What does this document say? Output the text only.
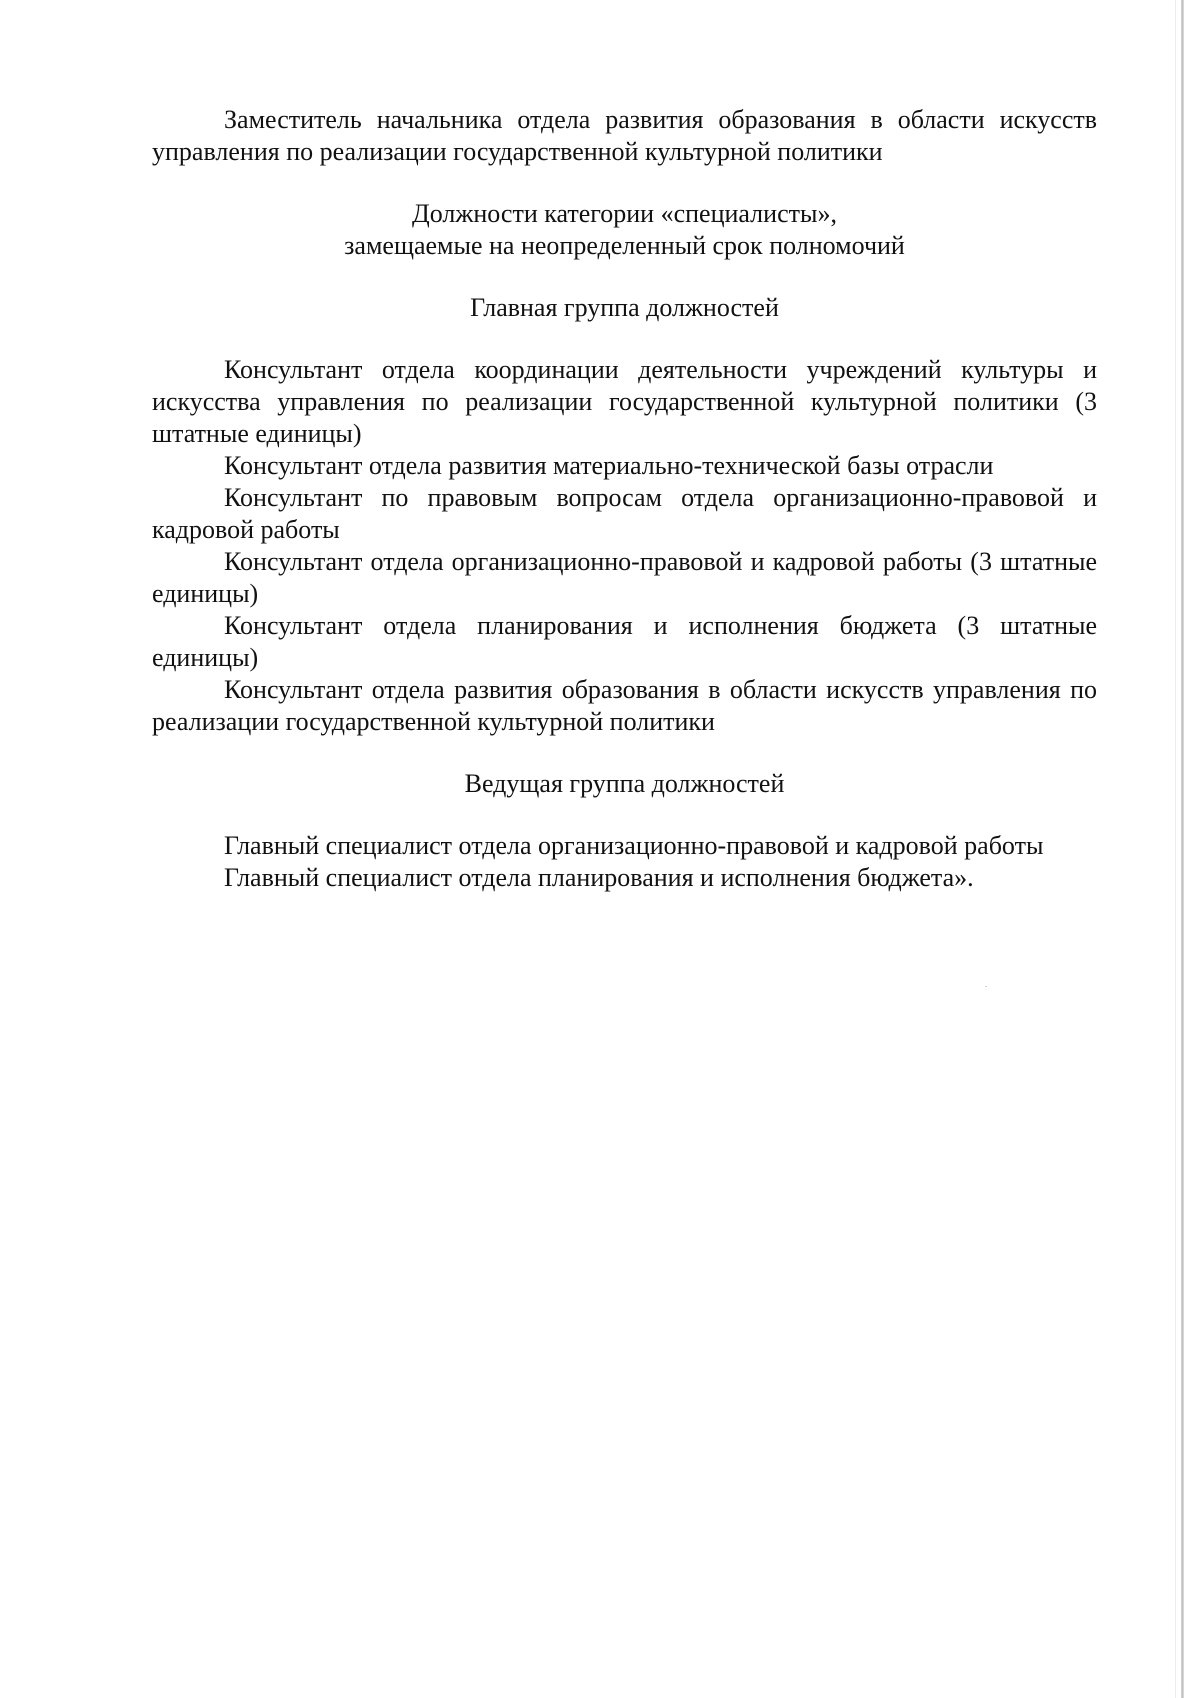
Заместитель начальника отдела развития образования в области искусств управления по реализации государственной культурной политики

Должности категории «специалисты»,

замещаемые на неопределенный срок полномочий

Главная группа должностей

Консультант отдела координации деятельности учреждений культуры и искусства управления по реализации государственной культурной политики (3 штатные единицы)

Консультант отдела развития материально-технической базы отрасли

Консультант по правовым вопросам отдела организационно-правовой и кадровой работы

Консультант отдела организационно-правовой и кадровой работы (3 штатные единицы)

Консультант отдела планирования и исполнения бюджета (3 штатные единицы)

Консультант отдела развития образования в области искусств управления по реализации государственной культурной политики

Ведущая группа должностей

Главный специалист отдела организационно-правовой и кадровой работы

Главный специалист отдела планирования и исполнения бюджета».
